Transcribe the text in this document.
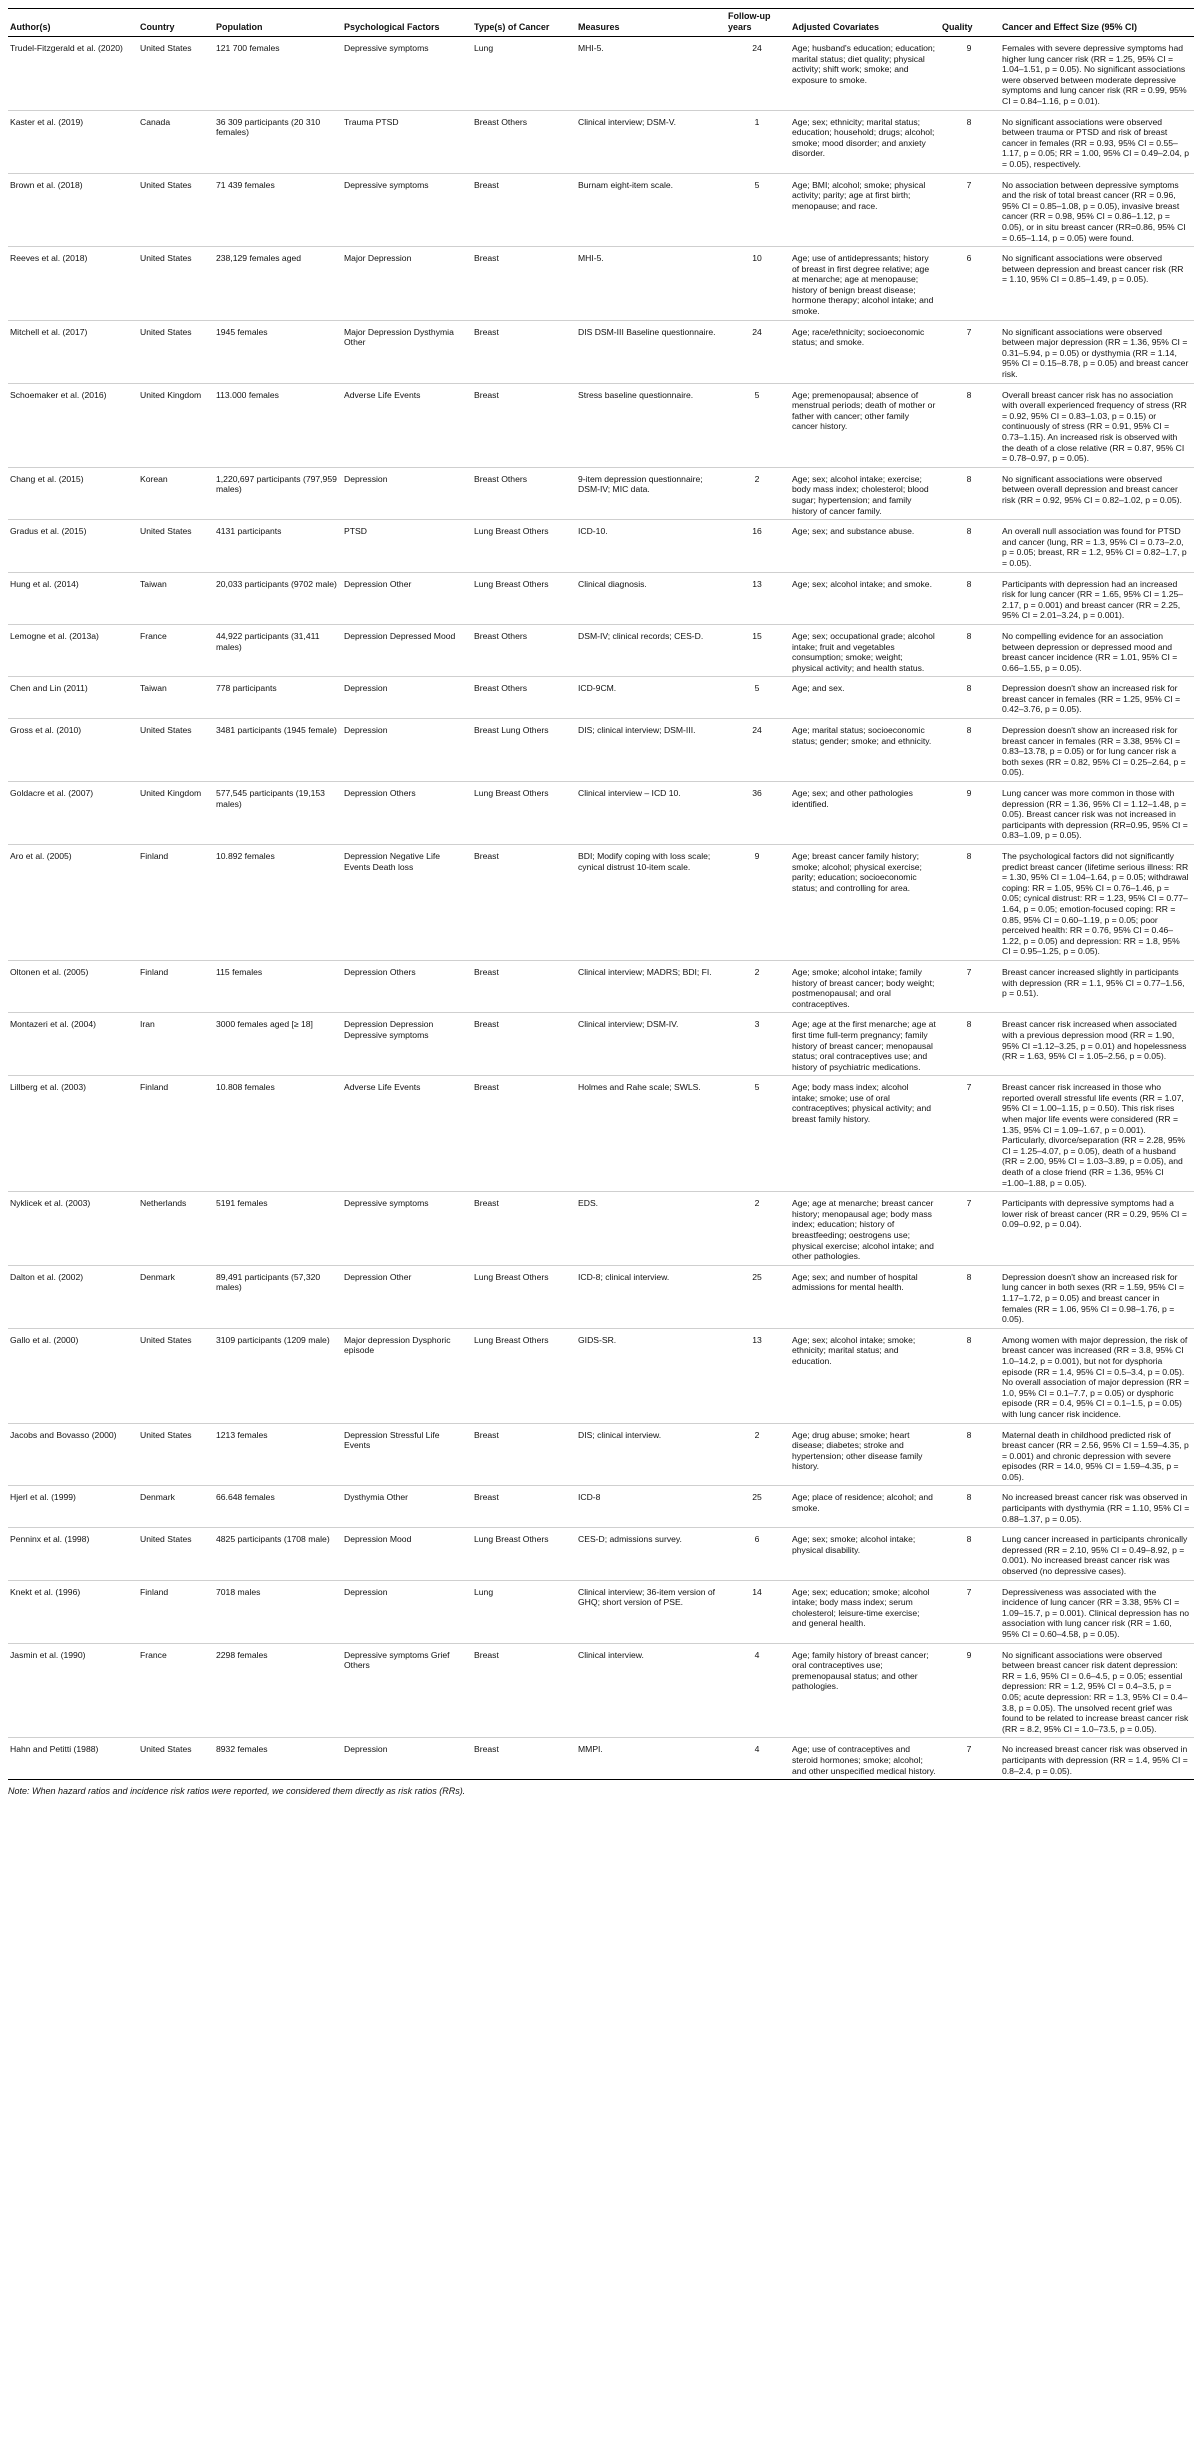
Author(s)	Country	Population	Psychological Factors	Type(s) of Cancer	Measures	Follow-up years	Adjusted Covariates	Quality	Cancer and Effect Size (95% CI)
Trudel-Fitzgerald et al. (2020)	United States	121 700 females	Depressive symptoms	Lung	MHI-5.	24	Age; husband's education; education; marital status; diet quality; physical activity; shift work; smoke; and exposure to smoke.	9	Females with severe depressive symptoms had higher lung cancer risk (RR = 1.25, 95% CI = 1.04–1.51, p = 0.05). No significant associations were observed between moderate depressive symptoms and lung cancer risk (RR = 0.99, 95% CI = 0.84–1.16, p = 0.01).
Kaster et al. (2019)	Canada	36 309 participants (20 310 females)	Trauma PTSD	Breast Others	Clinical interview; DSM-V.	1	Age; sex; ethnicity; marital status; education; household; drugs; alcohol; smoke; mood disorder; and anxiety disorder.	8	No significant associations were observed between trauma or PTSD and risk of breast cancer in females (RR = 0.93, 95% CI = 0.55–1.17, p = 0.05; RR = 1.00, 95% CI = 0.49–2.04, p = 0.05), respectively.
Brown et al. (2018)	United States	71 439 females	Depressive symptoms	Breast	Burnam eight-item scale.	5	Age; BMI; alcohol; smoke; physical activity; parity; age at first birth; menopause; and race.	7	No association between depressive symptoms and the risk of total breast cancer (RR = 0.96, 95% CI = 0.85–1.08, p = 0.05), invasive breast cancer (RR = 0.98, 95% CI = 0.86–1.12, p = 0.05), or in situ breast cancer (RR=0.86, 95% CI = 0.65–1.14, p = 0.05) were found.
Reeves et al. (2018)	United States	238,129 females aged	Major Depression	Breast	MHI-5.	10	Age; use of antidepressants; history of breast in first degree relative; age at menarche; age at menopause; history of benign breast disease; hormone therapy; alcohol intake; and smoke.	6	No significant associations were observed between depression and breast cancer risk (RR = 1.10, 95% CI = 0.85–1.49, p = 0.05).
Mitchell et al. (2017)	United States	1945 females	Major Depression Dysthymia Other	Breast	DIS DSM-III Baseline questionnaire.	24	Age; race/ethnicity; socioeconomic status; and smoke.	7	No significant associations were observed between major depression (RR = 1.36, 95% CI = 0.31–5.94, p = 0.05) or dysthymia (RR = 1.14, 95% CI = 0.15–8.78, p = 0.05) and breast cancer risk.
Schoemaker et al. (2016)	United Kingdom	113.000 females	Adverse Life Events	Breast	Stress baseline questionnaire.	5	Age; premenopausal; absence of menstrual periods; death of mother or father with cancer; other family cancer history.	8	Overall breast cancer risk has no association with overall experienced frequency of stress (RR = 0.92, 95% CI = 0.83–1.03, p = 0.15) or continuously of stress (RR = 0.91, 95% CI = 0.73–1.15). An increased risk is observed with the death of a close relative (RR = 0.87, 95% CI = 0.78–0.97, p = 0.05).
Chang et al. (2015)	Korean	1,220,697 participants (797,959 males)	Depression	Breast Others	9-item depression questionnaire; DSM-IV; MIC data.	2	Age; sex; alcohol intake; exercise; body mass index; cholesterol; blood sugar; hypertension; and family history of cancer family.	8	No significant associations were observed between overall depression and breast cancer risk (RR = 0.92, 95% CI = 0.82–1.02, p = 0.05).
Gradus et al. (2015)	United States	4131 participants	PTSD	Lung Breast Others	ICD-10.	16	Age; sex; and substance abuse.	8	An overall null association was found for PTSD and cancer (lung, RR = 1.3, 95% CI = 0.73–2.0, p = 0.05; breast, RR = 1.2, 95% CI = 0.82–1.7, p = 0.05).
Hung et al. (2014)	Taiwan	20,033 participants (9702 male)	Depression Other	Lung Breast Others	Clinical diagnosis.	13	Age; sex; alcohol intake; and smoke.	8	Participants with depression had an increased risk for lung cancer (RR = 1.65, 95% CI = 1.25–2.17, p = 0.001) and breast cancer (RR = 2.25, 95% CI = 2.01–3.24, p = 0.001).
Lemogne et al. (2013a)	France	44,922 participants (31,411 males)	Depression Depressed Mood	Breast Others	DSM-IV; clinical records; CES-D.	15	Age; sex; occupational grade; alcohol intake; fruit and vegetables consumption; smoke; weight; physical activity; and health status.	8	No compelling evidence for an association between depression or depressed mood and breast cancer incidence (RR = 1.01, 95% CI = 0.66–1.55, p = 0.05).
Chen and Lin (2011)	Taiwan	778 participants	Depression	Breast Others	ICD-9CM.	5	Age; and sex.	8	Depression doesn't show an increased risk for breast cancer in females (RR = 1.25, 95% CI = 0.42–3.76, p = 0.05).
Gross et al. (2010)	United States	3481 participants (1945 female)	Depression	Breast Lung Others	DIS; clinical interview; DSM-III.	24	Age; marital status; socioeconomic status; gender; smoke; and ethnicity.	8	Depression doesn't show an increased risk for breast cancer in females (RR = 3.38, 95% CI = 0.83–13.78, p = 0.05) or for lung cancer risk a both sexes (RR = 0.82, 95% CI = 0.25–2.64, p = 0.05).
Goldacre et al. (2007)	United Kingdom	577,545 participants (19,153 males)	Depression Others	Lung Breast Others	Clinical interview – ICD 10.	36	Age; sex; and other pathologies identified.	9	Lung cancer was more common in those with depression (RR = 1.36, 95% CI = 1.12–1.48, p = 0.05). Breast cancer risk was not increased in participants with depression (RR=0.95, 95% CI = 0.83–1.09, p = 0.05).
Aro et al. (2005)	Finland	10.892 females	Depression Negative Life Events Death loss	Breast	BDI; Modify coping with loss scale; cynical distrust 10-item scale.	9	Age; breast cancer family history; smoke; alcohol; physical exercise; parity; education; socioeconomic status; and controlling for area.	8	The psychological factors did not significantly predict breast cancer (lifetime serious illness: RR = 1.30, 95% CI = 1.04–1.64, p = 0.05; withdrawal coping: RR = 1.05, 95% CI = 0.76–1.46, p = 0.05; cynical distrust: RR = 1.23, 95% CI = 0.77–1.64, p = 0.05; emotion-focused coping: RR = 0.85, 95% CI = 0.60–1.19, p = 0.05; poor perceived health: RR = 0.76, 95% CI = 0.46–1.22, p = 0.05) and depression: RR = 1.8, 95% CI = 0.95–1.25, p = 0.05).
Oltonen et al. (2005)	Finland	115 females	Depression Others	Breast	Clinical interview; MADRS; BDI; FI.	2	Age; smoke; alcohol intake; family history of breast cancer; body weight; postmenopausal; and oral contraceptives.	7	Breast cancer increased slightly in participants with depression (RR = 1.1, 95% CI = 0.77–1.56, p = 0.51).
Montazeri et al. (2004)	Iran	3000 females aged [≥ 18]	Depression Depression Depressive symptoms	Breast	Clinical interview; DSM-IV.	3	Age; age at the first menarche; age at first time full-term pregnancy; family history of breast cancer; menopausal status; oral contraceptives use; and history of psychiatric medications.	8	Breast cancer risk increased when associated with a previous depression mood (RR = 1.90, 95% CI =1.12–3.25, p = 0.01) and hopelessness (RR = 1.63, 95% CI = 1.05–2.56, p = 0.05).
Lillberg et al. (2003)	Finland	10.808 females	Adverse Life Events	Breast	Holmes and Rahe scale; SWLS.	5	Age; body mass index; alcohol intake; smoke; use of oral contraceptives; physical activity; and breast family history.	7	Breast cancer risk increased in those who reported overall stressful life events (RR = 1.07, 95% CI = 1.00–1.15, p = 0.50). This risk rises when major life events were considered (RR = 1.35, 95% CI = 1.09–1.67, p = 0.001). Particularly, divorce/separation (RR = 2.28, 95% CI = 1.25–4.07, p = 0.05), death of a husband (RR = 2.00, 95% CI = 1.03–3.89, p = 0.05), and death of a close friend (RR = 1.36, 95% CI =1.00–1.88, p = 0.05).
Nyklicek et al. (2003)	Netherlands	5191 females	Depressive symptoms	Breast	EDS.	2	Age; age at menarche; breast cancer history; menopausal age; body mass index; education; history of breastfeeding; oestrogens use; physical exercise; alcohol intake; and other pathologies.	7	Participants with depressive symptoms had a lower risk of breast cancer (RR = 0.29, 95% CI = 0.09–0.92, p = 0.04).
Dalton et al. (2002)	Denmark	89,491 participants (57,320 males)	Depression Other	Lung Breast Others	ICD-8; clinical interview.	25	Age; sex; and number of hospital admissions for mental health.	8	Depression doesn't show an increased risk for lung cancer in both sexes (RR = 1.59, 95% CI = 1.17–1.72, p = 0.05) and breast cancer in females (RR = 1.06, 95% CI = 0.98–1.76, p = 0.05).
Gallo et al. (2000)	United States	3109 participants (1209 male)	Major depression Dysphoric episode	Lung Breast Others	GIDS-SR.	13	Age; sex; alcohol intake; smoke; ethnicity; marital status; and education.	8	Among women with major depression, the risk of breast cancer was increased (RR = 3.8, 95% CI 1.0–14.2, p = 0.001), but not for dysphoria episode (RR = 1.4, 95% CI = 0.5–3.4, p = 0.05). No overall association of major depression (RR = 1.0, 95% CI = 0.1–7.7, p = 0.05) or dysphoric episode (RR = 0.4, 95% CI = 0.1–1.5, p = 0.05) with lung cancer risk incidence.
Jacobs and Bovasso (2000)	United States	1213 females	Depression Stressful Life Events	Breast	DIS; clinical interview.	2	Age; drug abuse; smoke; heart disease; diabetes; stroke and hypertension; other disease family history.	8	Maternal death in childhood predicted risk of breast cancer (RR = 2.56, 95% CI = 1.59–4.35, p = 0.001) and chronic depression with severe episodes (RR = 14.0, 95% CI = 1.59–4.35, p = 0.05).
Hjerl et al. (1999)	Denmark	66.648 females	Dysthymia Other	Breast	ICD-8	25	Age; place of residence; alcohol; and smoke.	8	No increased breast cancer risk was observed in participants with dysthymia (RR = 1.10, 95% CI = 0.88–1.37, p = 0.05).
Penninx et al. (1998)	United States	4825 participants (1708 male)	Depression Mood	Lung Breast Others	CES-D; admissions survey.	6	Age; sex; smoke; alcohol intake; physical disability.	8	Lung cancer increased in participants chronically depressed (RR = 2.10, 95% CI = 0.49–8.92, p = 0.001). No increased breast cancer risk was observed (no depressive cases).
Knekt et al. (1996)	Finland	7018 males	Depression	Lung	Clinical interview; 36-item version of GHQ; short version of PSE.	14	Age; sex; education; smoke; alcohol intake; body mass index; serum cholesterol; leisure-time exercise; and general health.	7	Depressiveness was associated with the incidence of lung cancer (RR = 3.38, 95% CI = 1.09–15.7, p = 0.001). Clinical depression has no association with lung cancer risk (RR = 1.60, 95% CI = 0.60–4.58, p = 0.05).
Jasmin et al. (1990)	France	2298 females	Depressive symptoms Grief Others	Breast	Clinical interview.	4	Age; family history of breast cancer; oral contraceptives use; premenopausal status; and other pathologies.	9	No significant associations were observed between breast cancer risk datent depression: RR = 1.6, 95% CI = 0.6–4.5, p = 0.05; essential depression: RR = 1.2, 95% CI = 0.4–3.5, p = 0.05; acute depression: RR = 1.3, 95% CI = 0.4–3.8, p = 0.05). The unsolved recent grief was found to be related to increase breast cancer risk (RR = 8.2, 95% CI = 1.0–73.5, p = 0.05).
Hahn and Petitti (1988)	United States	8932 females	Depression	Breast	MMPI.	4	Age; use of contraceptives and steroid hormones; smoke; alcohol; and other unspecified medical history.	7	No increased breast cancer risk was observed in participants with depression (RR = 1.4, 95% CI = 0.8–2.4, p = 0.05).
Note: When hazard ratios and incidence risk ratios were reported, we considered them directly as risk ratios (RRs).
